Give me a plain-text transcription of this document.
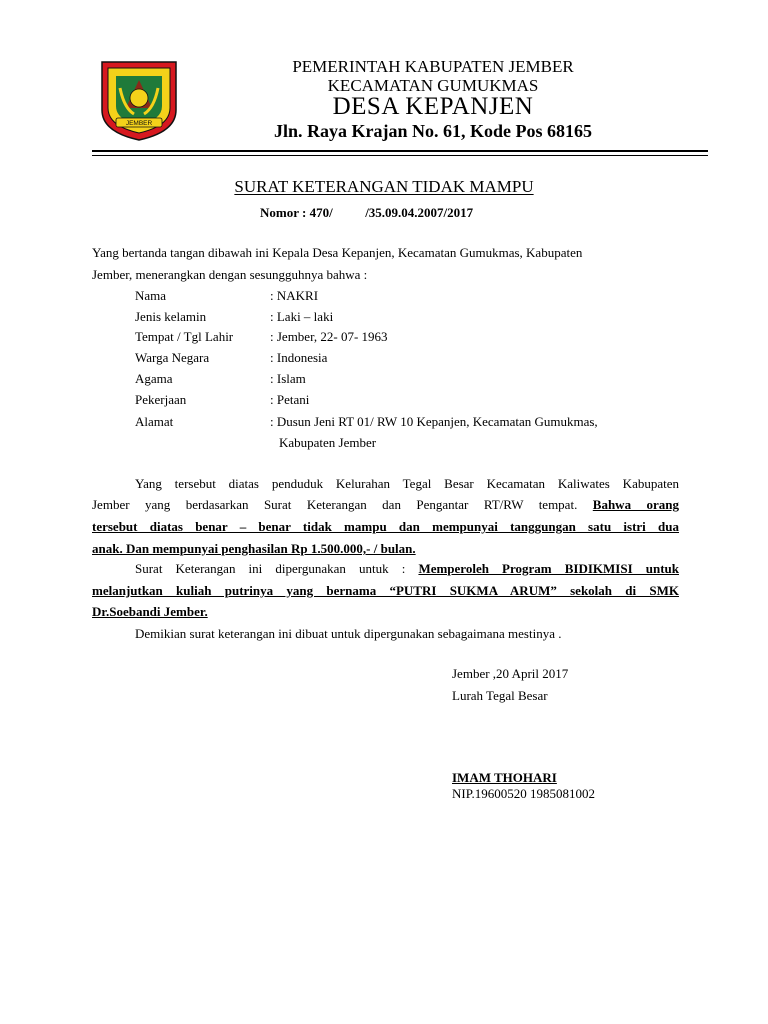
JEMBER
PEMERINTAH KABUPATEN JEMBER
KECAMATAN GUMUKMAS
DESA KEPANJEN
Jln. Raya Krajan No. 61, Kode Pos 68165
SURAT KETERANGAN TIDAK MAMPU
Nomor : 470/          /35.09.04.2007/2017
Yang bertanda tangan dibawah ini Kepala Desa Kepanjen, Kecamatan Gumukmas, Kabupaten
Jember, menerangkan dengan sesungguhnya bahwa :
Nama	: NAKRI
Jenis kelamin	: Laki – laki
Tempat / Tgl Lahir	: Jember, 22- 07- 1963
Warga Negara	: Indonesia
Agama	: Islam
Pekerjaan	: Petani
Alamat	: Dusun Jeni RT 01/ RW 10 Kepanjen, Kecamatan Gumukmas,
Kabupaten Jember
Yang tersebut diatas penduduk Kelurahan Tegal Besar Kecamatan Kaliwates Kabupaten
Jember yang berdasarkan Surat Keterangan dan Pengantar RT/RW tempat. Bahwa orang
tersebut diatas benar – benar tidak mampu dan mempunyai tanggungan satu istri dua
anak. Dan mempunyai penghasilan Rp 1.500.000,- / bulan.
Surat Keterangan ini dipergunakan untuk : Memperoleh Program BIDIKMISI untuk
melanjutkan kuliah putrinya yang bernama “PUTRI SUKMA ARUM” sekolah di SMK
Dr.Soebandi Jember.
Demikian surat keterangan ini dibuat untuk dipergunakan sebagaimana mestinya .
Jember ,20 April 2017
Lurah Tegal Besar
IMAM THOHARI
NIP.19600520 1985081002
